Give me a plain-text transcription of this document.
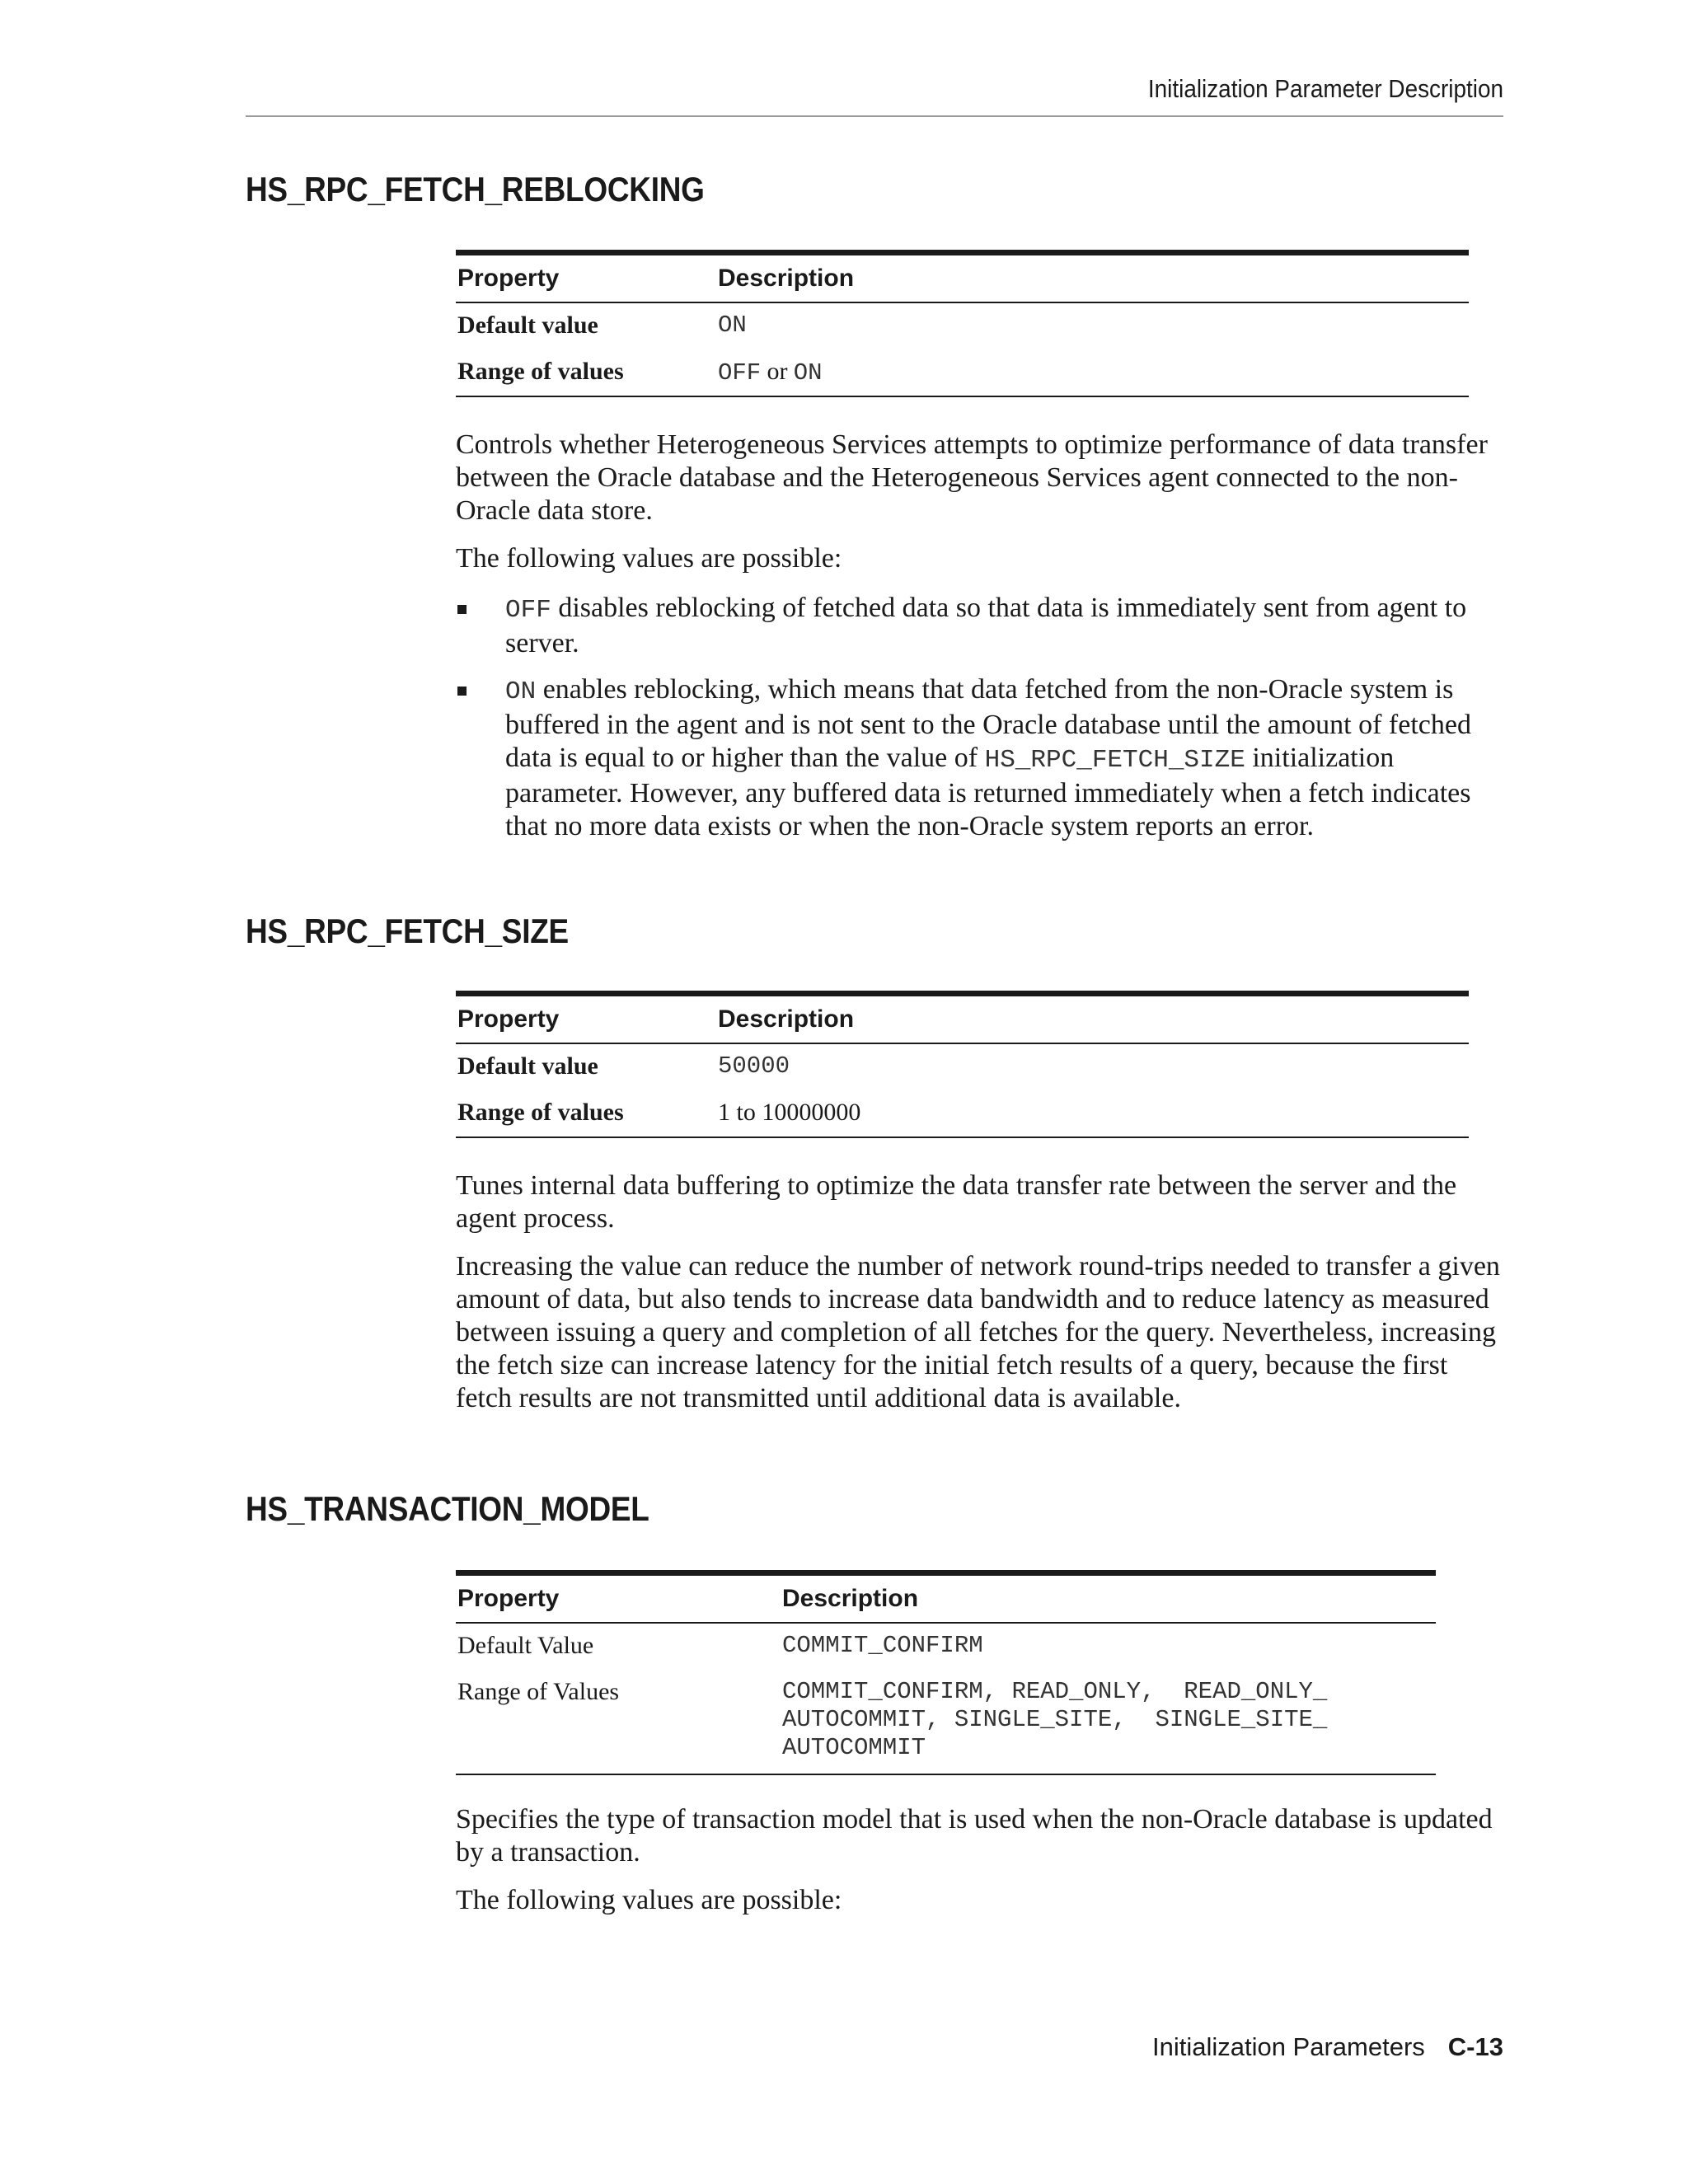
Initialization Parameter Description
HS_RPC_FETCH_REBLOCKING
Property	Description
Default value	ON
Range of values	OFF or ON

Controls whether Heterogeneous Services attempts to optimize performance of data transfer between the Oracle database and the Heterogeneous Services agent connected to the non-Oracle data store.

The following values are possible:

OFF disables reblocking of fetched data so that data is immediately sent from agent to server.
ON enables reblocking, which means that data fetched from the non-Oracle system is buffered in the agent and is not sent to the Oracle database until the amount of fetched data is equal to or higher than the value of HS_RPC_FETCH_SIZE initialization parameter. However, any buffered data is returned immediately when a fetch indicates that no more data exists or when the non-Oracle system reports an error.
HS_RPC_FETCH_SIZE
Property	Description
Default value	50000
Range of values	1 to 10000000

Tunes internal data buffering to optimize the data transfer rate between the server and the agent process.

Increasing the value can reduce the number of network round-trips needed to transfer a given amount of data, but also tends to increase data bandwidth and to reduce latency as measured between issuing a query and completion of all fetches for the query. Nevertheless, increasing the fetch size can increase latency for the initial fetch results of a query, because the first fetch results are not transmitted until additional data is available.

HS_TRANSACTION_MODEL
Property	Description
Default Value	COMMIT_CONFIRM
Range of Values	COMMIT_CONFIRM, READ_ONLY,  READ_ONLY_
AUTOCOMMIT, SINGLE_SITE,  SINGLE_SITE_
AUTOCOMMIT

Specifies the type of transaction model that is used when the non-Oracle database is updated by a transaction.

The following values are possible:

Initialization Parameters C-13
